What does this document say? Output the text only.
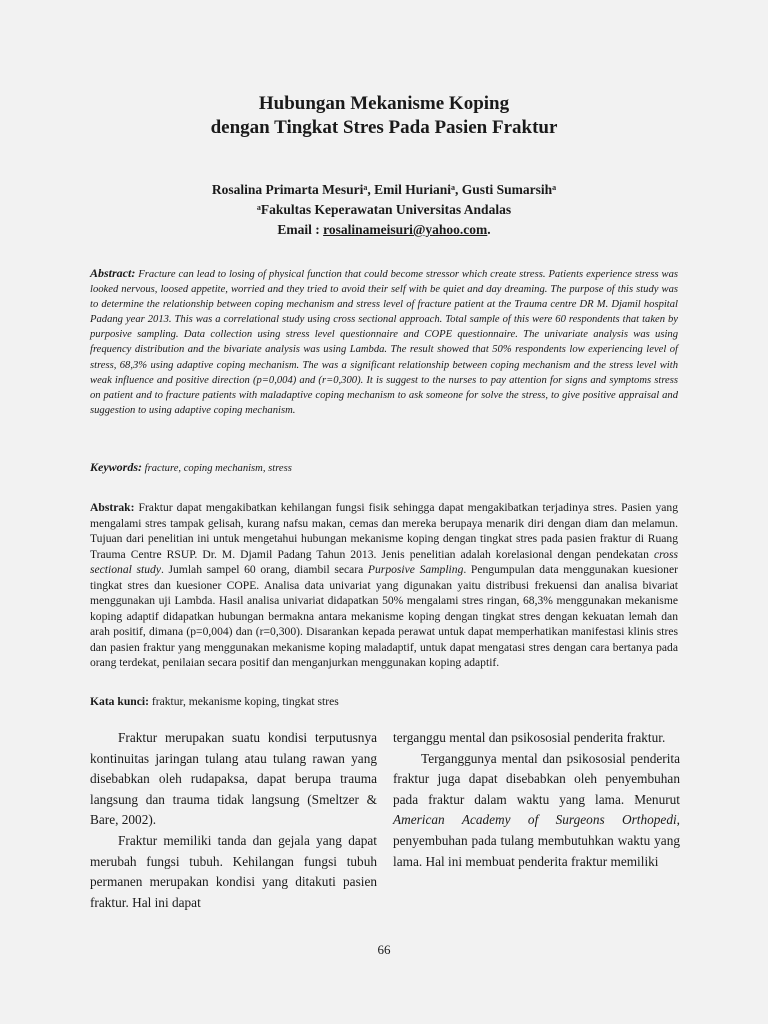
Hubungan Mekanisme Koping
dengan Tingkat Stres Pada Pasien Fraktur
Rosalina Primarta Mesuri$^a$, Emil Huriani$^a$, Gusti Sumarsih$^a$
$^a$Fakultas Keperawatan Universitas Andalas
Email : rosalinameisuri@yahoo.com.
Abstract: Fracture can lead to losing of physical function that could become stressor which create stress. Patients experience stress was looked nervous, loosed appetite, worried and they tried to avoid their self with be quiet and day dreaming. The purpose of this study was to determine the relationship between coping mechanism and stress level of fracture patient at the Trauma centre DR M. Djamil hospital Padang year 2013. This was a correlational study using cross sectional approach. Total sample of this were 60 respondents that taken by purposive sampling. Data collection using stress level questionnaire and COPE questionnaire. The univariate analysis was using frequency distribution and the bivariate analysis was using Lambda. The result showed that 50% respondents low experiencing level of stress, 68,3% using adaptive coping mechanism. The was a significant relationship between coping mechanism and the stress level with weak influence and positive direction (p=0,004) and (r=0,300). It is suggest to the nurses to pay attention for signs and symptoms stress on patient and to fracture patients with maladaptive coping mechanism to ask someone for solve the stress, to give positive appraisal and suggestion to using adaptive coping mechanism.
Keywords: fracture, coping mechanism, stress
Abstrak: Fraktur dapat mengakibatkan kehilangan fungsi fisik sehingga dapat mengakibatkan terjadinya stres. Pasien yang mengalami stres tampak gelisah, kurang nafsu makan, cemas dan mereka berupaya menarik diri dengan diam dan melamun. Tujuan dari penelitian ini untuk mengetahui hubungan mekanisme koping dengan tingkat stres pada pasien fraktur di Ruang Trauma Centre RSUP. Dr. M. Djamil Padang Tahun 2013. Jenis penelitian adalah korelasional dengan pendekatan cross sectional study. Jumlah sampel 60 orang, diambil secara Purposive Sampling. Pengumpulan data menggunakan kuesioner tingkat stres dan kuesioner COPE. Analisa data univariat yang digunakan yaitu distribusi frekuensi dan analisa bivariat menggunakan uji Lambda. Hasil analisa univariat didapatkan 50% mengalami stres ringan, 68,3% menggunakan mekanisme koping adaptif didapatkan hubungan bermakna antara mekanisme koping dengan tingkat stres dengan kekuatan lemah dan arah positif, dimana (p=0,004) dan (r=0,300). Disarankan kepada perawat untuk dapat memperhatikan manifestasi klinis stres dan pasien fraktur yang menggunakan mekanisme koping maladaptif, untuk dapat mengatasi stres dengan cara bertanya pada orang terdekat, penilaian secara positif dan menganjurkan menggunakan koping adaptif.
Kata kunci: fraktur, mekanisme koping, tingkat stres

Fraktur merupakan suatu kondisi terputusnya kontinuitas jaringan tulang atau tulang rawan yang disebabkan oleh rudapaksa, dapat berupa trauma langsung dan trauma tidak langsung (Smeltzer & Bare, 2002).

Fraktur memiliki tanda dan gejala yang dapat merubah fungsi tubuh. Kehilangan fungsi tubuh permanen merupakan kondisi yang ditakuti pasien fraktur. Hal ini dapat

terganggu mental dan psikososial penderita fraktur.

Terganggunya mental dan psikososial penderita fraktur juga dapat disebabkan oleh penyembuhan pada fraktur dalam waktu yang lama. Menurut American Academy of Surgeons Orthopedi, penyembuhan pada tulang membutuhkan waktu yang lama. Hal ini membuat penderita fraktur memiliki

66
